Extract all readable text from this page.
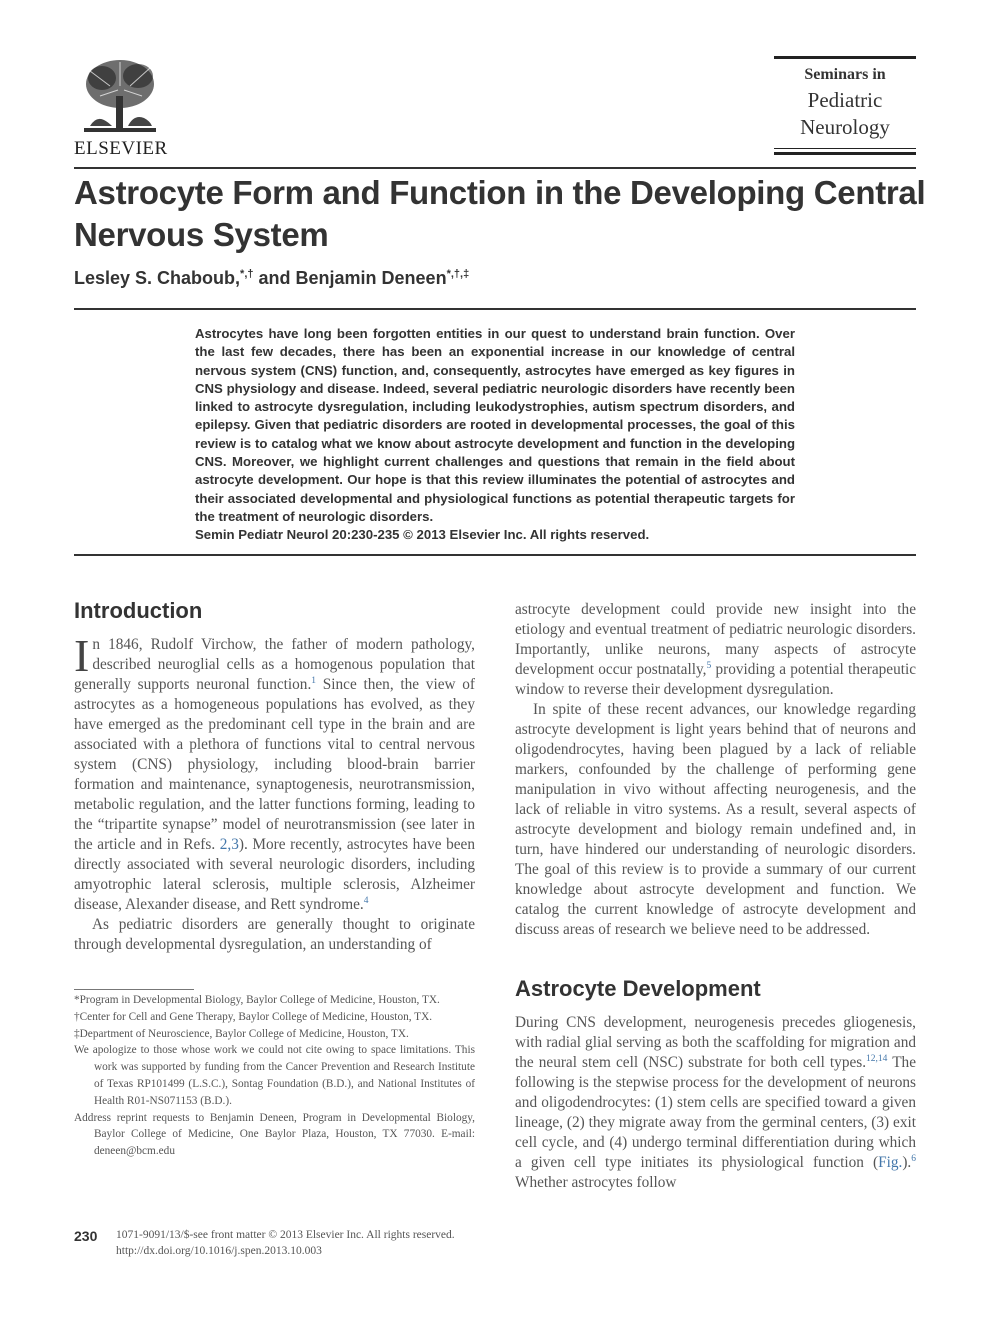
ELSEVIER
Seminars in
Pediatric
Neurology
Astrocyte Form and Function in the Developing Central Nervous System
Lesley S. Chaboub,*,† and Benjamin Deneen*,†,‡
Astrocytes have long been forgotten entities in our quest to understand brain function. Over the last few decades, there has been an exponential increase in our knowledge of central nervous system (CNS) function, and, consequently, astrocytes have emerged as key figures in CNS physiology and disease. Indeed, several pediatric neurologic disorders have recently been linked to astrocyte dysregulation, including leukodystrophies, autism spectrum disorders, and epilepsy. Given that pediatric disorders are rooted in developmental processes, the goal of this review is to catalog what we know about astrocyte development and function in the developing CNS. Moreover, we highlight current challenges and questions that remain in the field about astrocyte development. Our hope is that this review illuminates the potential of astrocytes and their associated developmental and physiological functions as potential therapeutic targets for the treatment of neurologic disorders.
Semin Pediatr Neurol 20:230-235 © 2013 Elsevier Inc. All rights reserved.
Introduction

In 1846, Rudolf Virchow, the father of modern pathology, described neuroglial cells as a homogenous population that generally supports neuronal function.$^1$ Since then, the view of astrocytes as a homogeneous populations has evolved, as they have emerged as the predominant cell type in the brain and are associated with a plethora of functions vital to central nervous system (CNS) physiology, including blood-brain barrier formation and maintenance, synaptogenesis, neurotransmission, metabolic regulation, and the latter functions forming, leading to the “tripartite synapse” model of neurotransmission (see later in the article and in Refs. 2,3). More recently, astrocytes have been directly associated with several neurologic disorders, including amyotrophic lateral sclerosis, multiple sclerosis, Alzheimer disease, Alexander disease, and Rett syndrome.$^4$

As pediatric disorders are generally thought to originate through developmental dysregulation, an understanding of

*Program in Developmental Biology, Baylor College of Medicine, Houston, TX.

†Center for Cell and Gene Therapy, Baylor College of Medicine, Houston, TX.

‡Department of Neuroscience, Baylor College of Medicine, Houston, TX.

We apologize to those whose work we could not cite owing to space limitations. This work was supported by funding from the Cancer Prevention and Research Institute of Texas RP101499 (L.S.C.), Sontag Foundation (B.D.), and National Institutes of Health R01-NS071153 (B.D.).

Address reprint requests to Benjamin Deneen, Program in Developmental Biology, Baylor College of Medicine, One Baylor Plaza, Houston, TX 77030. E-mail: deneen@bcm.edu

astrocyte development could provide new insight into the etiology and eventual treatment of pediatric neurologic disorders. Importantly, unlike neurons, many aspects of astrocyte development occur postnatally,$^5$ providing a potential therapeutic window to reverse their development dysregulation.

In spite of these recent advances, our knowledge regarding astrocyte development is light years behind that of neurons and oligodendrocytes, having been plagued by a lack of reliable markers, confounded by the challenge of performing gene manipulation in vivo without affecting neurogenesis, and the lack of reliable in vitro systems. As a result, several aspects of astrocyte development and biology remain undefined and, in turn, have hindered our understanding of neurologic disorders. The goal of this review is to provide a summary of our current knowledge about astrocyte development and function. We catalog the current knowledge of astrocyte development and discuss areas of research we believe need to be addressed.

Astrocyte Development

During CNS development, neurogenesis precedes gliogenesis, with radial glial serving as both the scaffolding for migration and the neural stem cell (NSC) substrate for both cell types.$^{12,14}$ The following is the stepwise process for the development of neurons and oligodendrocytes: (1) stem cells are specified toward a given lineage, (2) they migrate away from the germinal centers, (3) exit cell cycle, and (4) undergo terminal differentiation during which a given cell type initiates its physiological function (Fig.).$^6$ Whether astrocytes follow

230 1071-9091/13/$-see front matter © 2013 Elsevier Inc. All rights reserved.
http://dx.doi.org/10.1016/j.spen.2013.10.003
